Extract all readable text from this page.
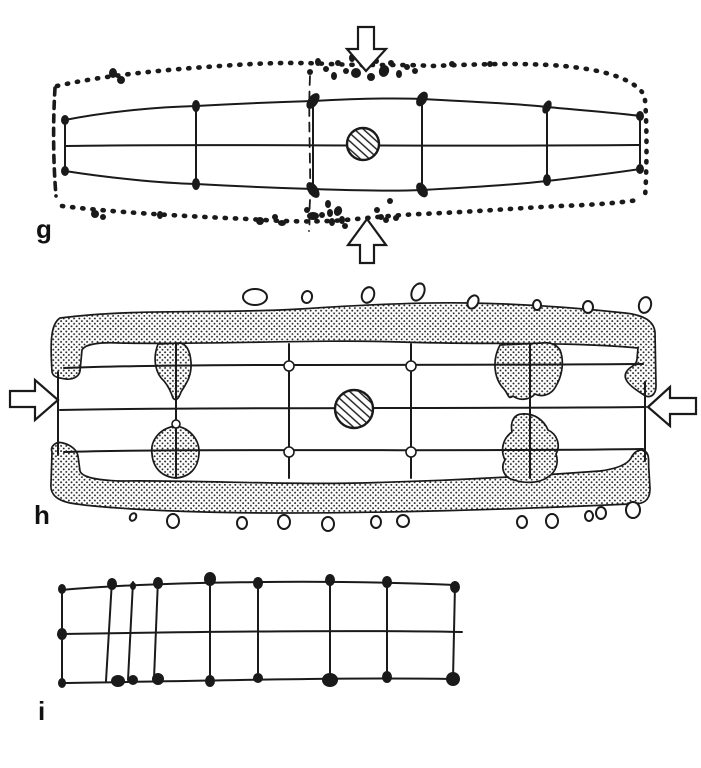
g
h
i
